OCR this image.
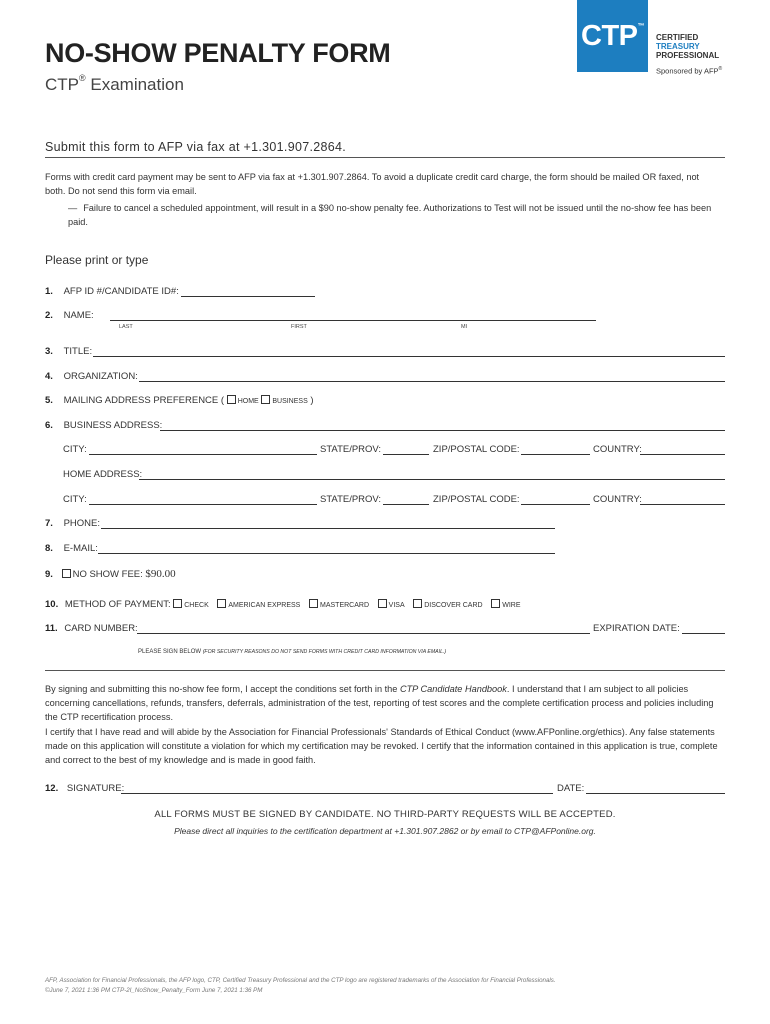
NO-SHOW PENALTY FORM
CTP® Examination
CTP™
CERTIFIED
TREASURY
PROFESSIONAL
Sponsored by AFP®
Submit this form to AFP via fax at +1.301.907.2864.
Forms with credit card payment may be sent to AFP via fax at +1.301.907.2864. To avoid a duplicate credit card charge, the form should be mailed OR faxed, not both. Do not send this form via email.
— Failure to cancel a scheduled appointment, will result in a $90 no-show penalty fee. Authorizations to Test will not be issued until the no-show fee has been paid.
Please print or type
1. AFP ID #/CANDIDATE ID#:
2. NAME:
LAST	FIRST	MI
3. TITLE:
4. ORGANIZATION:
5. MAILING ADDRESS PREFERENCE ( HOME BUSINESS )
6. BUSINESS ADDRESS:
CITY:	STATE/PROV:	ZIP/POSTAL CODE:	COUNTRY:
HOME ADDRESS:
CITY:	STATE/PROV:	ZIP/POSTAL CODE:	COUNTRY:
7. PHONE:
8. E-MAIL:
9. NO SHOW FEE: $90.00
10. METHOD OF PAYMENT: CHECK	AMERICAN EXPRESS	MASTERCARD	VISA	DISCOVER CARD	WIRE
11. CARD NUMBER:	EXPIRATION DATE:
PLEASE SIGN BELOW (FOR SECURITY REASONS DO NOT SEND FORMS WITH CREDIT CARD INFORMATION VIA EMAIL.)
By signing and submitting this no-show fee form, I accept the conditions set forth in the CTP Candidate Handbook. I understand that I am subject to all policies concerning cancellations, refunds, transfers, deferrals, administration of the test, reporting of test scores and the complete certification process and policies including the CTP recertification process.
I certify that I have read and will abide by the Association for Financial Professionals' Standards of Ethical Conduct (www.AFPonline.org/ethics). Any false statements made on this application will constitute a violation for which my certification may be revoked. I certify that the information contained in this application is true, complete and correct to the best of my knowledge and is made in good faith.
12. SIGNATURE:	DATE:
ALL FORMS MUST BE SIGNED BY CANDIDATE. NO THIRD-PARTY REQUESTS WILL BE ACCEPTED.
Please direct all inquiries to the certification department at +1.301.907.2862 or by email to CTP@AFPonline.org.
AFP, Association for Financial Professionals, the AFP logo, CTP, Certified Treasury Professional and the CTP logo are registered trademarks of the Association for Financial Professionals.
©June 7, 2021 1:36 PM CTP-2I_NoShow_Penalty_Form June 7, 2021 1:36 PM
